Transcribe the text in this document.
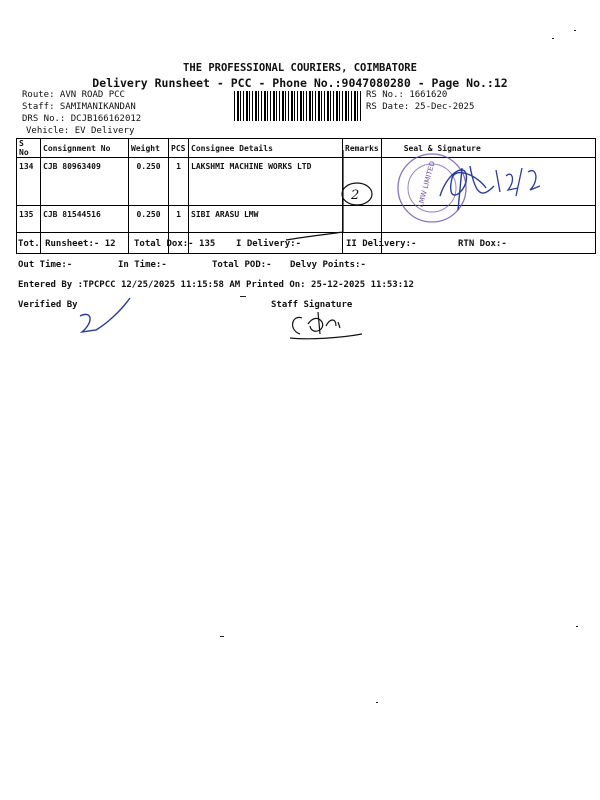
THE PROFESSIONAL COURIERS, COIMBATORE
Delivery Runsheet - PCC - Phone No.:9047080280 - Page No.:12
Route: AVN ROAD PCC
Staff: SAMIMANIKANDAN
DRS No.: DCJB166162012
Vehicle: EV Delivery
RS No.: 1661620
RS Date: 25-Dec-2025
S No	Consignment No	Weight	PCS	Consignee Details	Remarks	Seal & Signature
134	CJB 80963409	0.250	1	LAKSHMI MACHINE WORKS LTD		
135	CJB 81544516	0.250	1	SIBI ARASU LMW		
Tot. Runsheet:- 12 Total Dox:- 135 I Delivery:-	II Delivery:-	RTN Dox:-
Out Time:-	In Time:-	Total POD:- Delvy Points:-
Entered By :TPCPCC 12/25/2025 11:15:58 AM Printed On: 25-12-2025 11:53:12
Verified By	Staff Signature
2	LMW LIMITED
